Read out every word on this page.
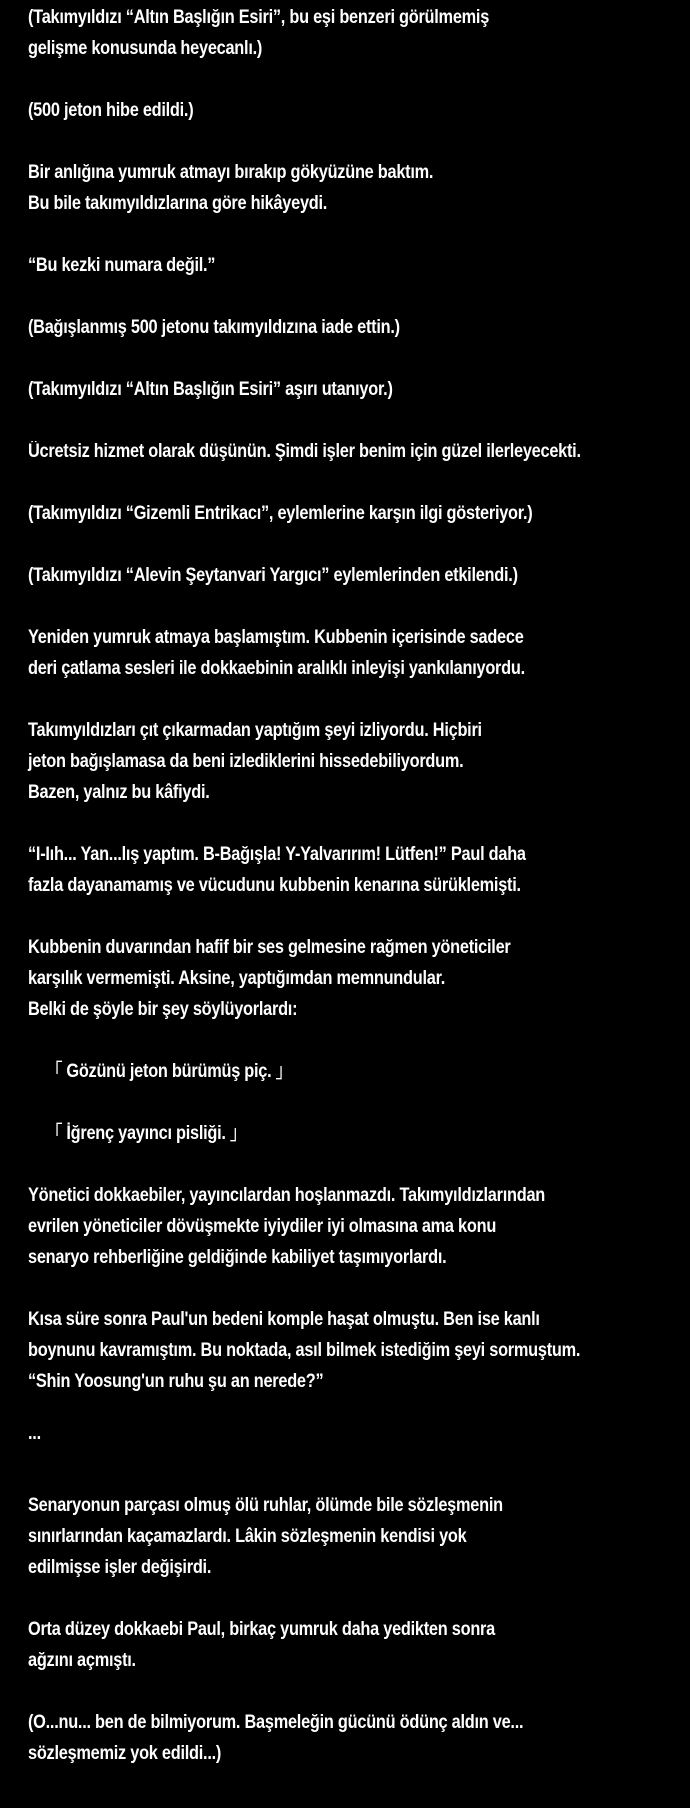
(Takımyıldızı “Altın Başlığın Esiri”, bu eşi benzeri görülmemiş
gelişme konusunda heyecanlı.)
(500 jeton hibe edildi.)
Bir anlığına yumruk atmayı bırakıp gökyüzüne baktım.
Bu bile takımyıldızlarına göre hikâyeydi.
“Bu kezki numara değil.”
(Bağışlanmış 500 jetonu takımyıldızına iade ettin.)
(Takımyıldızı “Altın Başlığın Esiri” aşırı utanıyor.)
Ücretsiz hizmet olarak düşünün. Şimdi işler benim için güzel ilerleyecekti.
(Takımyıldızı “Gizemli Entrikacı”, eylemlerine karşın ilgi gösteriyor.)
(Takımyıldızı “Alevin Şeytanvari Yargıcı” eylemlerinden etkilendi.)
Yeniden yumruk atmaya başlamıştım. Kubbenin içerisinde sadece
deri çatlama sesleri ile dokkaebinin aralıklı inleyişi yankılanıyordu.
Takımyıldızları çıt çıkarmadan yaptığım şeyi izliyordu. Hiçbiri
jeton bağışlamasa da beni izlediklerini hissedebiliyordum.
Bazen, yalnız bu kâfiydi.
“I-Iıh... Yan...lış yaptım. B-Bağışla! Y-Yalvarırım! Lütfen!” Paul daha
fazla dayanamamış ve vücudunu kubbenin kenarına sürüklemişti.
Kubbenin duvarından hafif bir ses gelmesine rağmen yöneticiler
karşılık vermemişti. Aksine, yaptığımdan memnundular.
Belki de şöyle bir şey söylüyorlardı:
「 Gözünü jeton bürümüş piç. 」
「 İğrenç yayıncı pisliği. 」
Yönetici dokkaebiler, yayıncılardan hoşlanmazdı. Takımyıldızlarından
evrilen yöneticiler dövüşmekte iyiydiler iyi olmasına ama konu
senaryo rehberliğine geldiğinde kabiliyet taşımıyorlardı.
Kısa süre sonra Paul'un bedeni komple haşat olmuştu. Ben ise kanlı
boynunu kavramıştım. Bu noktada, asıl bilmek istediğim şeyi sormuştum.
“Shin Yoosung'un ruhu şu an nerede?”
...
Senaryonun parçası olmuş ölü ruhlar, ölümde bile sözleşmenin
sınırlarından kaçamazlardı. Lâkin sözleşmenin kendisi yok
edilmişse işler değişirdi.
Orta düzey dokkaebi Paul, birkaç yumruk daha yedikten sonra
ağzını açmıştı.
(O...nu... ben de bilmiyorum. Başmeleğin gücünü ödünç aldın ve...
sözleşmemiz yok edildi...)
